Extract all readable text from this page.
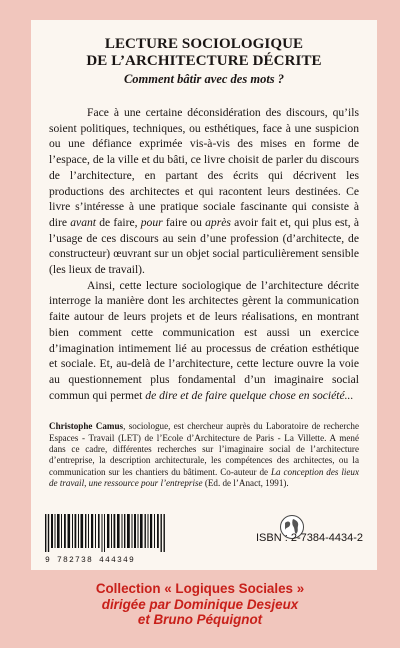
LECTURE SOCIOLOGIQUE
DE L’ARCHITECTURE DÉCRITE
Comment bâtir avec des mots ?

Face à une certaine déconsidération des discours, qu’ils soient politiques, techniques, ou esthétiques, face à une suspicion ou une défiance exprimée vis-à-vis des mises en forme de l’espace, de la ville et du bâti, ce livre choisit de parler du discours de l’architecture, en partant des écrits qui décrivent les productions des architectes et qui racontent leurs destinées. Ce livre s’intéresse à une pratique sociale fascinante qui consiste à dire avant de faire, pour faire ou après avoir fait et, qui plus est, à l’usage de ces discours au sein d’une profession (d’architecte, de constructeur) œuvrant sur un objet social particulièrement sensible (les lieux de travail).

Ainsi, cette lecture sociologique de l’architecture décrite interroge la manière dont les architectes gèrent la communication faite autour de leurs projets et de leurs réalisations, en montrant bien comment cette communication est aussi un exercice d’imagination intimement lié au processus de création esthétique et sociale. Et, au-delà de l’architecture, cette lecture ouvre la voie au questionnement plus fondamental d’un imaginaire social commun qui permet de dire et de faire quelque chose en société...

Christophe Camus, sociologue, est chercheur auprès du Laboratoire de recherche Espaces - Travail (LET) de l’Ecole d’Architecture de Paris - La Villette. A mené dans ce cadre, différentes recherches sur l’imaginaire social de l’architecture d’entreprise, la description architecturale, les compétences des architectes, ou la communication sur les chantiers du bâtiment. Co-auteur de La conception des lieux de travail, une ressource pour l’entreprise (Ed. de l’Anact, 1991).
9 782738 444349
ISBN : 2-7384-4434-2
Collection « Logiques Sociales »
dirigée par Dominique Desjeux
et Bruno Péquignot
